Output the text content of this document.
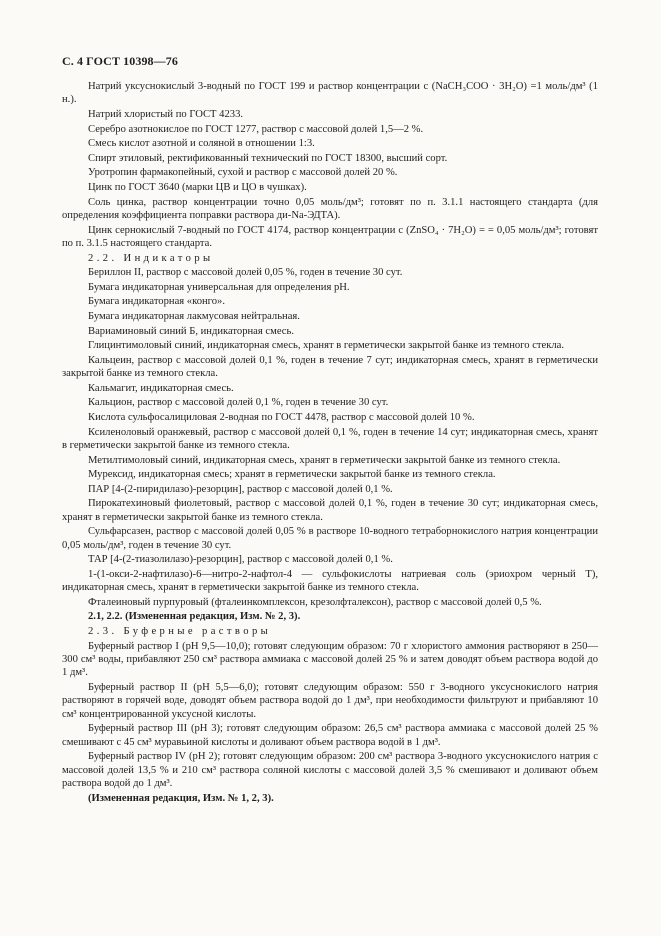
С. 4 ГОСТ 10398—76

Натрий уксуснокислый 3-водный по ГОСТ 199 и раствор концентрации c (NaCH₃COO · 3H₂O) =1 моль/дм³ (1 н.).

Натрий хлористый по ГОСТ 4233.

Серебро азотнокислое по ГОСТ 1277, раствор с массовой долей 1,5—2 %.

Смесь кислот азотной и соляной в отношении 1:3.

Спирт этиловый, ректификованный технический по ГОСТ 18300, высший сорт.

Уротропин фармакопейный, сухой и раствор с массовой долей 20 %.

Цинк по ГОСТ 3640 (марки ЦВ и ЦО в чушках).

Соль цинка, раствор концентрации точно 0,05 моль/дм³; готовят по п. 3.1.1 настоящего стандарта (для определения коэффициента поправки раствора ди-Na-ЭДТА).

Цинк сернокислый 7-водный по ГОСТ 4174, раствор концентрации c (ZnSO₄ · 7H₂O) = = 0,05 моль/дм³; готовят по п. 3.1.5 настоящего стандарта.

2.2. Индикаторы

Бериллон II, раствор с массовой долей 0,05 %, годен в течение 30 сут.

Бумага индикаторная универсальная для определения pH.

Бумага индикаторная «конго».

Бумага индикаторная лакмусовая нейтральная.

Вариаминовый синий Б, индикаторная смесь.

Глицинтимоловый синий, индикаторная смесь, хранят в герметически закрытой банке из темного стекла.

Кальцеин, раствор с массовой долей 0,1 %, годен в течение 7 сут; индикаторная смесь, хранят в герметически закрытой банке из темного стекла.

Кальмагит, индикаторная смесь.

Кальцион, раствор с массовой долей 0,1 %, годен в течение 30 сут.

Кислота сульфосалициловая 2-водная по ГОСТ 4478, раствор с массовой долей 10 %.

Ксиленоловый оранжевый, раствор с массовой долей 0,1 %, годен в течение 14 сут; индикаторная смесь, хранят в герметически закрытой банке из темного стекла.

Метилтимоловый синий, индикаторная смесь, хранят в герметически закрытой банке из темного стекла.

Мурексид, индикаторная смесь; хранят в герметически закрытой банке из темного стекла.

ПАР [4-(2-пиридилазо)-резорцин], раствор с массовой долей 0,1 %.

Пирокатехиновый фиолетовый, раствор с массовой долей 0,1 %, годен в течение 30 сут; индикаторная смесь, хранят в герметически закрытой банке из темного стекла.

Сульфарсазен, раствор с массовой долей 0,05 % в растворе 10-водного тетраборнокислого натрия концентрации 0,05 моль/дм³, годен в течение 30 сут.

ТАР [4-(2-тиазолилазо)-резорцин], раствор с массовой долей 0,1 %.

1-(1-окси-2-нафтилазо)-6—нитро-2-нафтол-4 — сульфокислоты натриевая соль (эриохром черный Т), индикаторная смесь, хранят в герметически закрытой банке из темного стекла.

Фталеиновый пурпуровый (фталеинкомплексон, крезолфталексон), раствор с массовой долей 0,5 %.

2.1, 2.2. (Измененная редакция, Изм. № 2, 3).

2.3. Буферные растворы

Буферный раствор I (pH 9,5—10,0); готовят следующим образом: 70 г хлористого аммония растворяют в 250—300 см³ воды, прибавляют 250 см³ раствора аммиака с массовой долей 25 % и затем доводят объем раствора водой до 1 дм³.

Буферный раствор II (pH 5,5—6,0); готовят следующим образом: 550 г 3-водного уксуснокислого натрия растворяют в горячей воде, доводят объем раствора водой до 1 дм³, при необходимости фильтруют и прибавляют 10 см³ концентрированной уксусной кислоты.

Буферный раствор III (pH 3); готовят следующим образом: 26,5 см³ раствора аммиака с массовой долей 25 % смешивают с 45 см³ муравьиной кислоты и доливают объем раствора водой в 1 дм³.

Буферный раствор IV (pH 2); готовят следующим образом: 200 см³ раствора 3-водного уксуснокислого натрия с массовой долей 13,5 % и 210 см³ раствора соляной кислоты с массовой долей 3,5 % смешивают и доливают объем раствора водой до 1 дм³.

(Измененная редакция, Изм. № 1, 2, 3).
